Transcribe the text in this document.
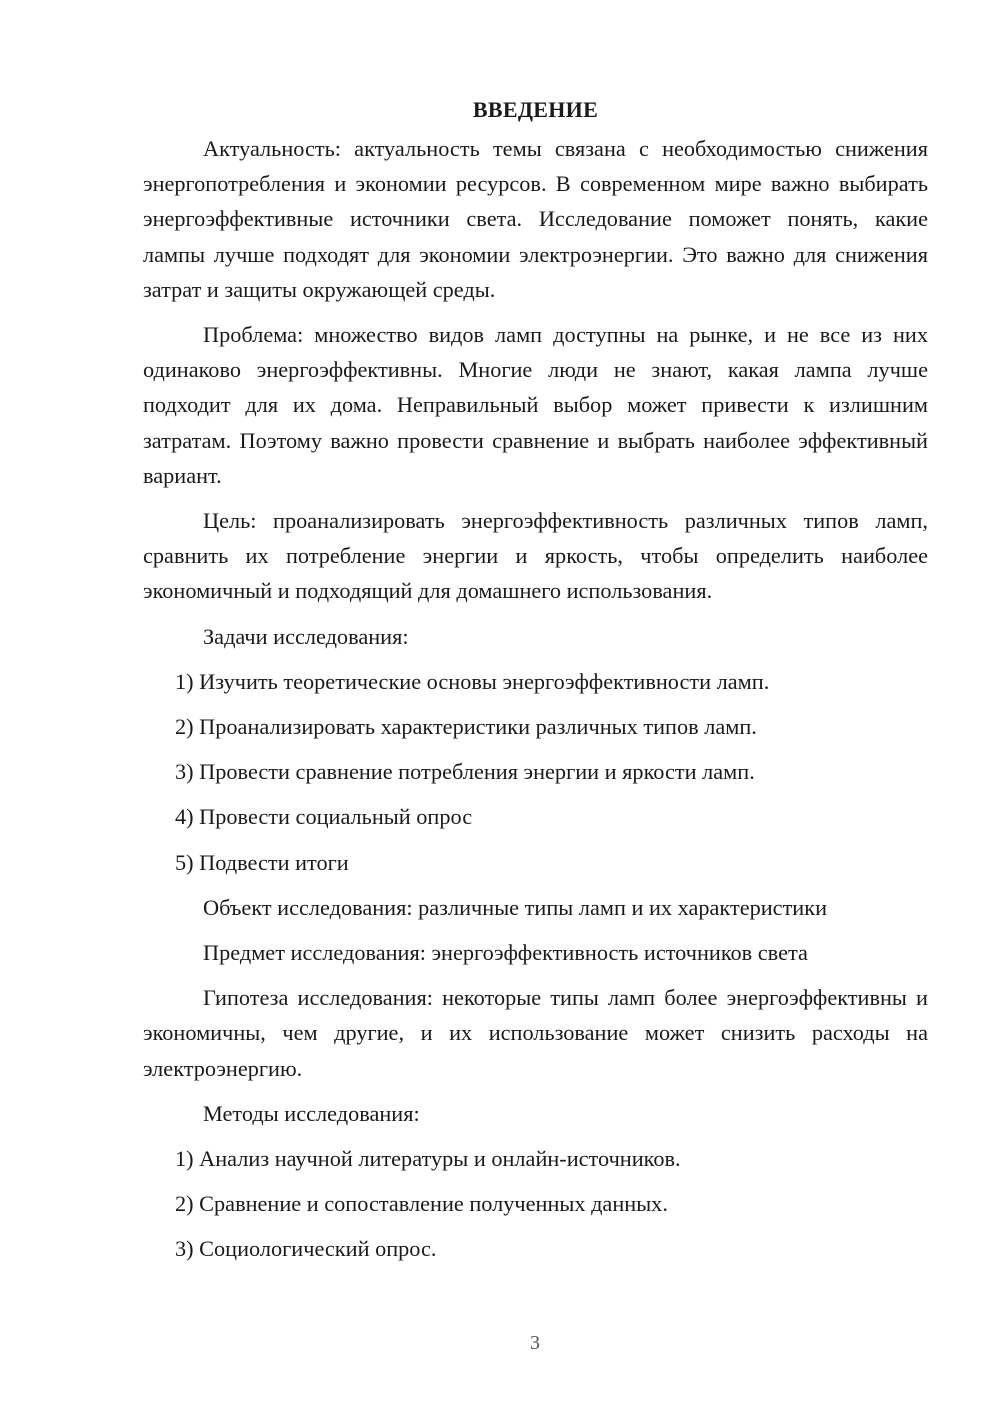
ВВЕДЕНИЕ

Актуальность: актуальность темы связана с необходимостью снижения энергопотребления и экономии ресурсов. В современном мире важно выбирать энергоэффективные источники света. Исследование поможет понять, какие лампы лучше подходят для экономии электроэнергии. Это важно для снижения затрат и защиты окружающей среды.

Проблема: множество видов ламп доступны на рынке, и не все из них одинаково энергоэффективны. Многие люди не знают, какая лампа лучше подходит для их дома. Неправильный выбор может привести к излишним затратам. Поэтому важно провести сравнение и выбрать наиболее эффективный вариант.

Цель: проанализировать энергоэффективность различных типов ламп, сравнить их потребление энергии и яркость, чтобы определить наиболее экономичный и подходящий для домашнего использования.

Задачи исследования:
1) Изучить теоретические основы энергоэффективности ламп.
2) Проанализировать характеристики различных типов ламп.
3) Провести сравнение потребления энергии и яркости ламп.
4) Провести социальный опрос
5) Подвести итоги
Объект исследования: различные типы ламп и их характеристики
Предмет исследования: энергоэффективность источников света

Гипотеза исследования: некоторые типы ламп более энергоэффективны и экономичны, чем другие, и их использование может снизить расходы на электроэнергию.

Методы исследования:
1) Анализ научной литературы и онлайн-источников.
2) Сравнение и сопоставление полученных данных.
3) Социологический опрос.
3
